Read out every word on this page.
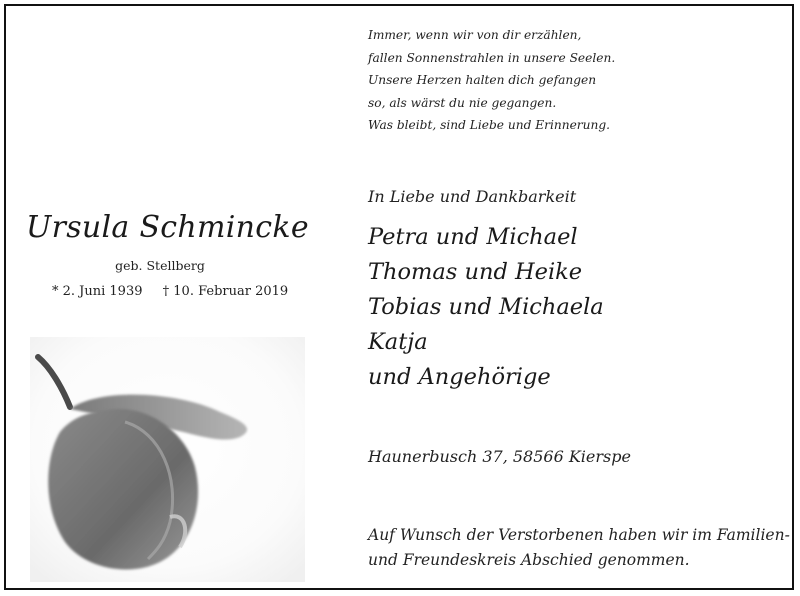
Immer, wenn wir von dir erzählen,
fallen Sonnenstrahlen in unsere Seelen.
Unsere Herzen halten dich gefangen
so, als wärst du nie gegangen.
Was bleibt, sind Liebe und Erinnerung.
Ursula Schmincke
geb. Stellberg
* 2. Juni 1939 † 10. Februar 2019
In Liebe und Dankbarkeit
Petra und Michael
Thomas und Heike
Tobias und Michaela
Katja
und Angehörige
Haunerbusch 37, 58566 Kierspe
Auf Wunsch der Verstorbenen haben wir im Familien-
und Freundeskreis Abschied genommen.
